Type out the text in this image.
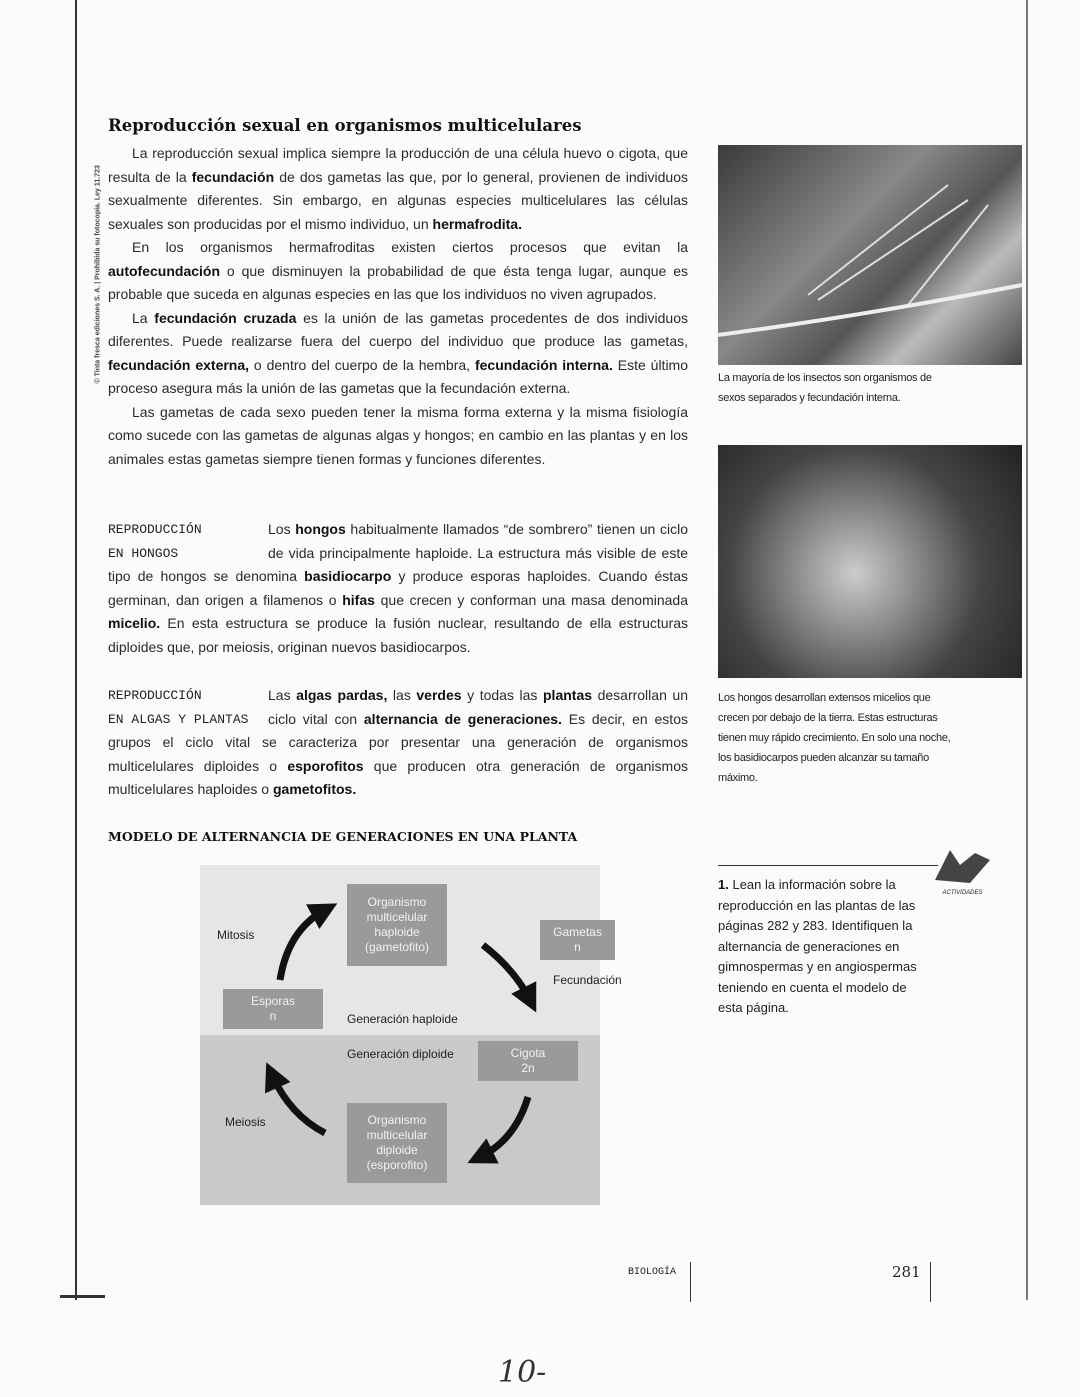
© Tinta fresca ediciones S. A. | Prohibida su fotocopia. Ley 11.723
Reproducción sexual en organismos multicelulares

La reproducción sexual implica siempre la producción de una célula huevo o cigota, que resulta de la fecundación de dos gametas las que, por lo general, provienen de individuos sexualmente diferentes. Sin embargo, en algunas especies multicelulares las células sexuales son producidas por el mismo individuo, un hermafrodita.

En los organismos hermafroditas existen ciertos procesos que evitan la autofecundación o que disminuyen la probabilidad de que ésta tenga lugar, aunque es probable que suceda en algunas especies en las que los individuos no viven agrupados.

La fecundación cruzada es la unión de las gametas procedentes de dos individuos diferentes. Puede realizarse fuera del cuerpo del individuo que produce las gametas, fecundación externa, o dentro del cuerpo de la hembra, fecundación interna. Este último proceso asegura más la unión de las gametas que la fecundación externa.

Las gametas de cada sexo pueden tener la misma forma externa y la misma fisiología como sucede con las gametas de algunas algas y hongos; en cambio en las plantas y en los animales estas gametas siempre tienen formas y funciones diferentes.

REPRODUCCIÓN
EN HONGOS

Los hongos habitualmente llamados “de sombrero” tienen un ciclo de vida principalmente haploide. La estructura más visible de este tipo de hongos se denomina basidiocarpo y produce esporas haploides. Cuando éstas germinan, dan origen a filamenos o hifas que crecen y conforman una masa denominada micelio. En esta estructura se produce la fusión nuclear, resultando de ella estructuras diploides que, por meiosis, originan nuevos basidiocarpos.

REPRODUCCIÓN
EN ALGAS Y PLANTAS

Las algas pardas, las verdes y todas las plantas desarrollan un ciclo vital con alternancia de generaciones. Es decir, en estos grupos el ciclo vital se caracteriza por presentar una generación de organismos multicelulares diploides o esporofitos que producen otra generación de organismos multicelulares haploides o gametofitos.

MODELO DE ALTERNANCIA DE GENERACIONES EN UNA PLANTA
Organismo
multicelular
haploide
(gametofito)
Gametas
n
Esporas
n
Cigota
2n
Organismo
multicelular
diploide
(esporofito)
Mitosis
Fecundación
Meiosis
Generación haploide
Generación diploide
La mayoría de los insectos son organismos de sexos separados y fecundación interna.
Los hongos desarrollan extensos micelios que crecen por debajo de la tierra. Estas estructuras tienen muy rápido crecimiento. En solo una noche, los basidiocarpos pueden alcanzar su tamaño máximo.
ACTIVIDADES
1. Lean la información sobre la reproducción en las plantas de las páginas 282 y 283. Identifiquen la alternancia de generaciones en gimnospermas y en angiospermas teniendo en cuenta el modelo de esta página.
BIOLOGÍA	281
10-
